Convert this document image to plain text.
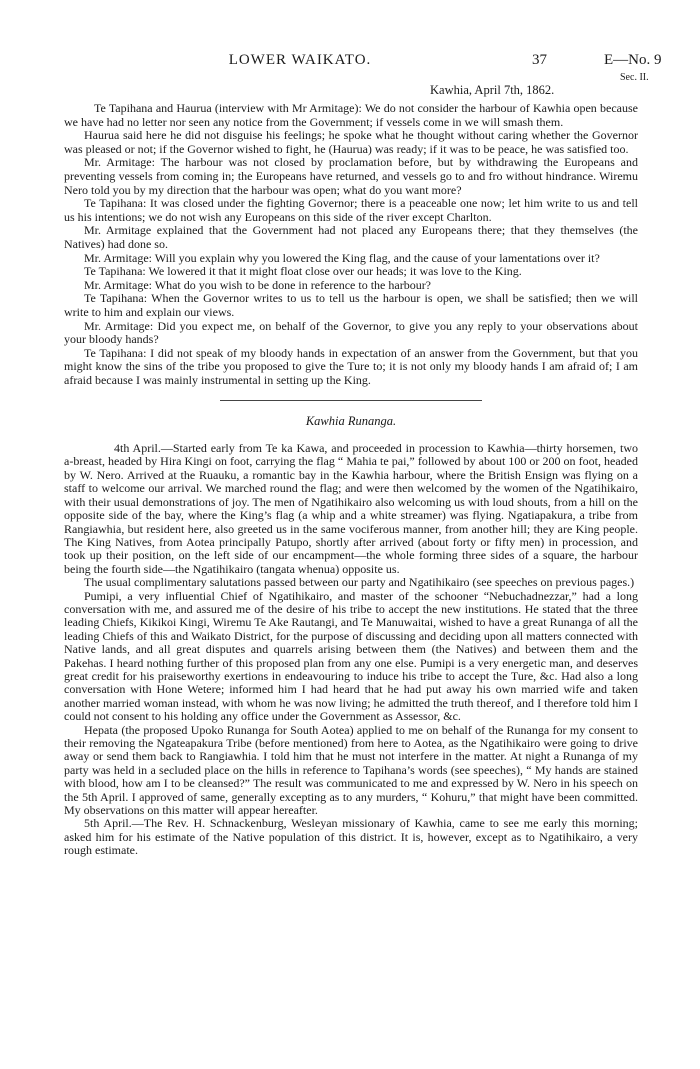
LOWER WAIKATO.	37	E—No. 9
Sec. II.
Kawhia, April 7th, 1862.

Te Tapihana and Haurua (interview with Mr Armitage): We do not consider the harbour of Kawhia open because we have had no letter nor seen any notice from the Government; if vessels come in we will smash them.

Haurua said here he did not disguise his feelings; he spoke what he thought without caring whether the Governor was pleased or not; if the Governor wished to fight, he (Haurua) was ready; if it was to be peace, he was satisfied too.

Mr. Armitage: The harbour was not closed by proclamation before, but by withdrawing the Europeans and preventing vessels from coming in; the Europeans have returned, and vessels go to and fro without hindrance. Wiremu Nero told you by my direction that the harbour was open; what do you want more?

Te Tapihana: It was closed under the fighting Governor; there is a peaceable one now; let him write to us and tell us his intentions; we do not wish any Europeans on this side of the river except Charlton.

Mr. Armitage explained that the Government had not placed any Europeans there; that they themselves (the Natives) had done so.

Mr. Armitage: Will you explain why you lowered the King flag, and the cause of your lamentations over it?

Te Tapihana: We lowered it that it might float close over our heads; it was love to the King.

Mr. Armitage: What do you wish to be done in reference to the harbour?

Te Tapihana: When the Governor writes to us to tell us the harbour is open, we shall be satisfied; then we will write to him and explain our views.

Mr. Armitage: Did you expect me, on behalf of the Governor, to give you any reply to your observations about your bloody hands?

Te Tapihana: I did not speak of my bloody hands in expectation of an answer from the Government, but that you might know the sins of the tribe you proposed to give the Ture to; it is not only my bloody hands I am afraid of; I am afraid because I was mainly instrumental in setting up the King.

Kawhia Runanga.

4th April.—Started early from Te ka Kawa, and proceeded in procession to Kawhia—thirty horsemen, two a-breast, headed by Hira Kingi on foot, carrying the flag “ Mahia te pai,” followed by about 100 or 200 on foot, headed by W. Nero. Arrived at the Ruauku, a romantic bay in the Kawhia harbour, where the British Ensign was flying on a staff to welcome our arrival. We marched round the flag; and were then welcomed by the women of the Ngatihikairo, with their usual demonstrations of joy. The men of Ngatihikairo also welcoming us with loud shouts, from a hill on the opposite side of the bay, where the King’s flag (a whip and a white streamer) was flying. Ngatiapakura, a tribe from Rangiawhia, but resident here, also greeted us in the same vociferous manner, from another hill; they are King people. The King Natives, from Aotea principally Patupo, shortly after arrived (about forty or fifty men) in procession, and took up their position, on the left side of our encampment—the whole forming three sides of a square, the harbour being the fourth side—the Ngatihikairo (tangata whenua) opposite us.

The usual complimentary salutations passed between our party and Ngatihikairo (see speeches on previous pages.)

Pumipi, a very influential Chief of Ngatihikairo, and master of the schooner “Nebuchadnezzar,” had a long conversation with me, and assured me of the desire of his tribe to accept the new institutions. He stated that the three leading Chiefs, Kikikoi Kingi, Wiremu Te Ake Rautangi, and Te Manuwaitai, wished to have a great Runanga of all the leading Chiefs of this and Waikato District, for the purpose of discussing and deciding upon all matters connected with Native lands, and all great disputes and quarrels arising between them (the Natives) and between them and the Pakehas. I heard nothing further of this proposed plan from any one else. Pumipi is a very energetic man, and deserves great credit for his praiseworthy exertions in endeavouring to induce his tribe to accept the Ture, &c. Had also a long conversation with Hone Wetere; informed him I had heard that he had put away his own married wife and taken another married woman instead, with whom he was now living; he admitted the truth thereof, and I therefore told him I could not consent to his holding any office under the Government as Assessor, &c.

Hepata (the proposed Upoko Runanga for South Aotea) applied to me on behalf of the Runanga for my consent to their removing the Ngateapakura Tribe (before mentioned) from here to Aotea, as the Ngatihikairo were going to drive away or send them back to Rangiawhia. I told him that he must not interfere in the matter. At night a Runanga of my party was held in a secluded place on the hills in reference to Tapihana’s words (see speeches), “ My hands are stained with blood, how am I to be cleansed?” The result was communicated to me and expressed by W. Nero in his speech on the 5th April. I approved of same, generally excepting as to any murders, “ Kohuru,” that might have been committed. My observations on this matter will appear hereafter.

5th April.—The Rev. H. Schnackenburg, Wesleyan missionary of Kawhia, came to see me early this morning; asked him for his estimate of the Native population of this district. It is, however, except as to Ngatihikairo, a very rough estimate.
